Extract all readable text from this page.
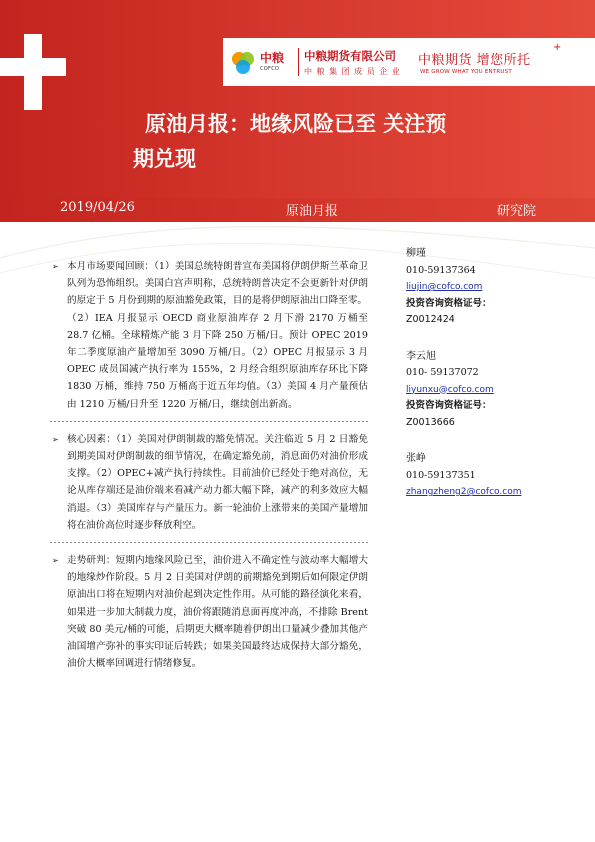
中粮
COFCO
中粮期货有限公司
中 粮 集 团 成 员 企 业
中粮期货 增您所托
WE GROW WHAT YOU ENTRUST
+
原油月报：地缘风险已至 关注预
期兑现
2019/04/26	原油月报	研究院
➢ 本月市场要闻回顾：（1）美国总统特朗普宣布美国将伊朗伊斯兰革命卫队列为恐怖组织。美国白宫声明称，总统特朗普决定不会更新针对伊朗的原定于 5 月份到期的原油豁免政策，目的是将伊朗原油出口降至零。

（2）IEA 月报显示 OECD 商业原油库存 2 月下滑 2170 万桶至 28.7 亿桶。全球精炼产能 3 月下降 250 万桶/日。预计 OPEC 2019 年二季度原油产量增加至 3090 万桶/日。（2）OPEC 月报显示 3 月 OPEC 成员国减产执行率为 155%，2 月经合组织原油库存环比下降 1830 万桶，维持 750 万桶高于近五年均值。（3）美国 4 月产量预估由 1210 万桶/日升至 1220 万桶/日，继续创出新高。

➢ 核心因素：（1）美国对伊朗制裁的豁免情况。关注临近 5 月 2 日豁免到期美国对伊朗制裁的细节情况，在确定豁免前，消息面仍对油价形成支撑。（2）OPEC+减产执行持续性。目前油价已经处于绝对高位，无论从库存端还是油价端来看减产动力都大幅下降，减产的利多效应大幅消退。（3）美国库存与产量压力。新一轮油价上涨带来的美国产量增加将在油价高位时逐步释放利空。

➢ 走势研判：短期内地缘风险已至，油价进入不确定性与波动率大幅增大的地缘炒作阶段。5 月 2 日美国对伊朗的前期豁免到期后如何限定伊朗原油出口将在短期内对油价起到决定性作用。从可能的路径演化来看，如果进一步加大制裁力度，油价将跟随消息面再度冲高，不排除 Brent 突破 80 美元/桶的可能，后期更大概率随着伊朗出口量减少叠加其他产油国增产弥补的事实印证后转跌；如果美国最终达成保持大部分豁免，油价大概率回调进行情绪修复。

柳瑾
010-59137364
liujin@cofco.com
投资咨询资格证号：
Z0012424
李云旭
010- 59137072
liyunxu@cofco.com
投资咨询资格证号：
Z0013666
张峥
010-59137351
zhangzheng2@cofco.com
